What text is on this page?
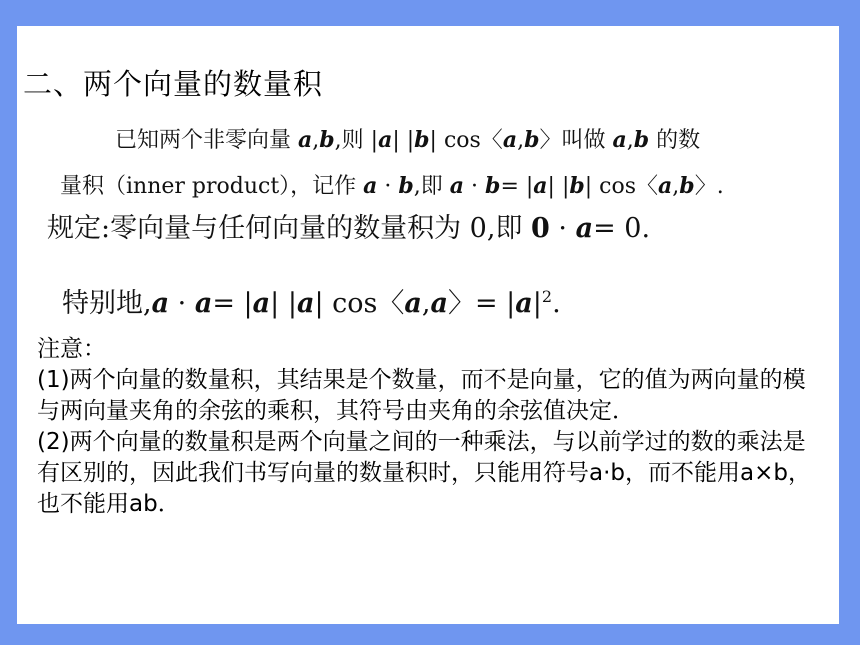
二、两个向量的数量积
已知两个非零向量 a,b,则 |a| |b| cos〈a,b〉叫做 a,b 的数
量积（inner product），记作 a · b,即 a · b= |a| |b| cos〈a,b〉.
规定:零向量与任何向量的数量积为 0,即 0 · a= 0.
特别地,a · a= |a| |a| cos〈a,a〉= $|a|^2$.
注意：
(1)两个向量的数量积，其结果是个数量，而不是向量，它的值为两向量的模与两向量夹角的余弦的乘积，其符号由夹角的余弦值决定．
(2)两个向量的数量积是两个向量之间的一种乘法，与以前学过的数的乘法是有区别的，因此我们书写向量的数量积时，只能用符号a·b，而不能用a×b，也不能用ab．
